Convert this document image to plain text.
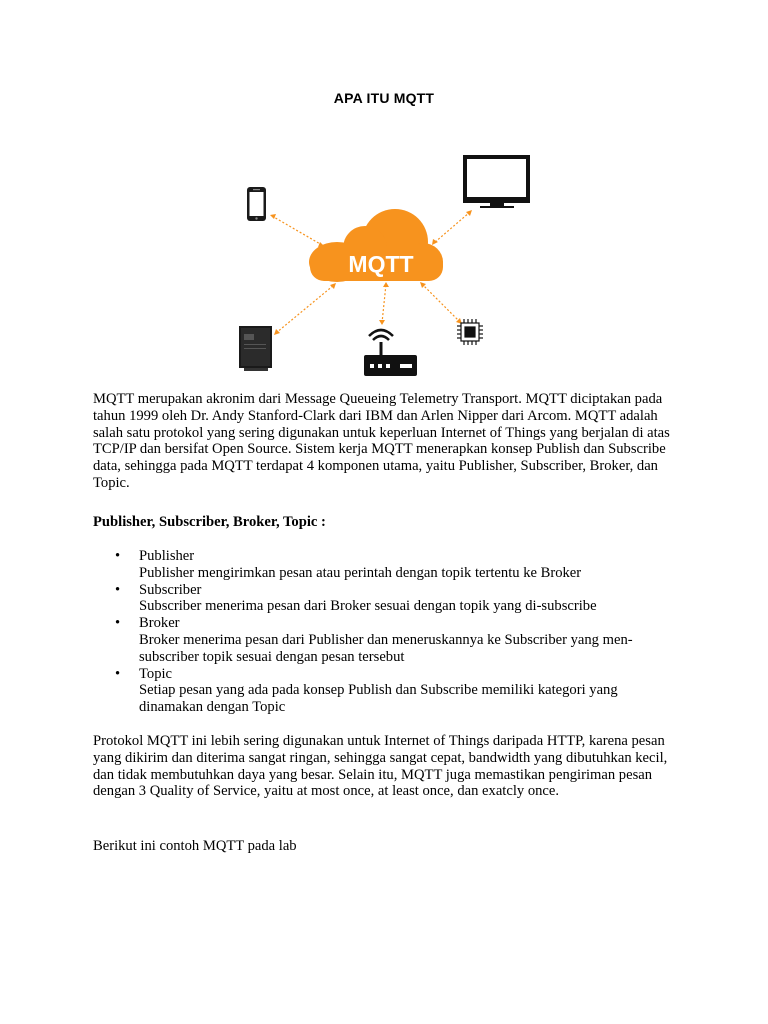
APA ITU MQTT
MQTT
MQTT merupakan akronim dari Message Queueing Telemetry Transport. MQTT diciptakan pada tahun 1999 oleh Dr. Andy Stanford-Clark dari IBM dan Arlen Nipper dari Arcom. MQTT adalah salah satu protokol yang sering digunakan untuk keperluan Internet of Things yang berjalan di atas TCP/IP dan bersifat Open Source. Sistem kerja MQTT menerapkan konsep Publish dan Subscribe data, sehingga pada MQTT terdapat 4 komponen utama, yaitu Publisher, Subscriber, Broker, dan Topic.
Publisher, Subscriber, Broker, Topic :
• Publisher
Publisher mengirimkan pesan atau perintah dengan topik tertentu ke Broker
• Subscriber
Subscriber menerima pesan dari Broker sesuai dengan topik yang di-subscribe
• Broker
Broker menerima pesan dari Publisher dan meneruskannya ke Subscriber yang men-subscriber topik sesuai dengan pesan tersebut
• Topic
Setiap pesan yang ada pada konsep Publish dan Subscribe memiliki kategori yang dinamakan dengan Topic
Protokol MQTT ini lebih sering digunakan untuk Internet of Things daripada HTTP, karena pesan yang dikirim dan diterima sangat ringan, sehingga sangat cepat, bandwidth yang dibutuhkan kecil, dan tidak membutuhkan daya yang besar. Selain itu, MQTT juga memastikan pengiriman pesan dengan 3 Quality of Service, yaitu at most once, at least once, dan exatcly once.
Berikut ini contoh MQTT pada lab
